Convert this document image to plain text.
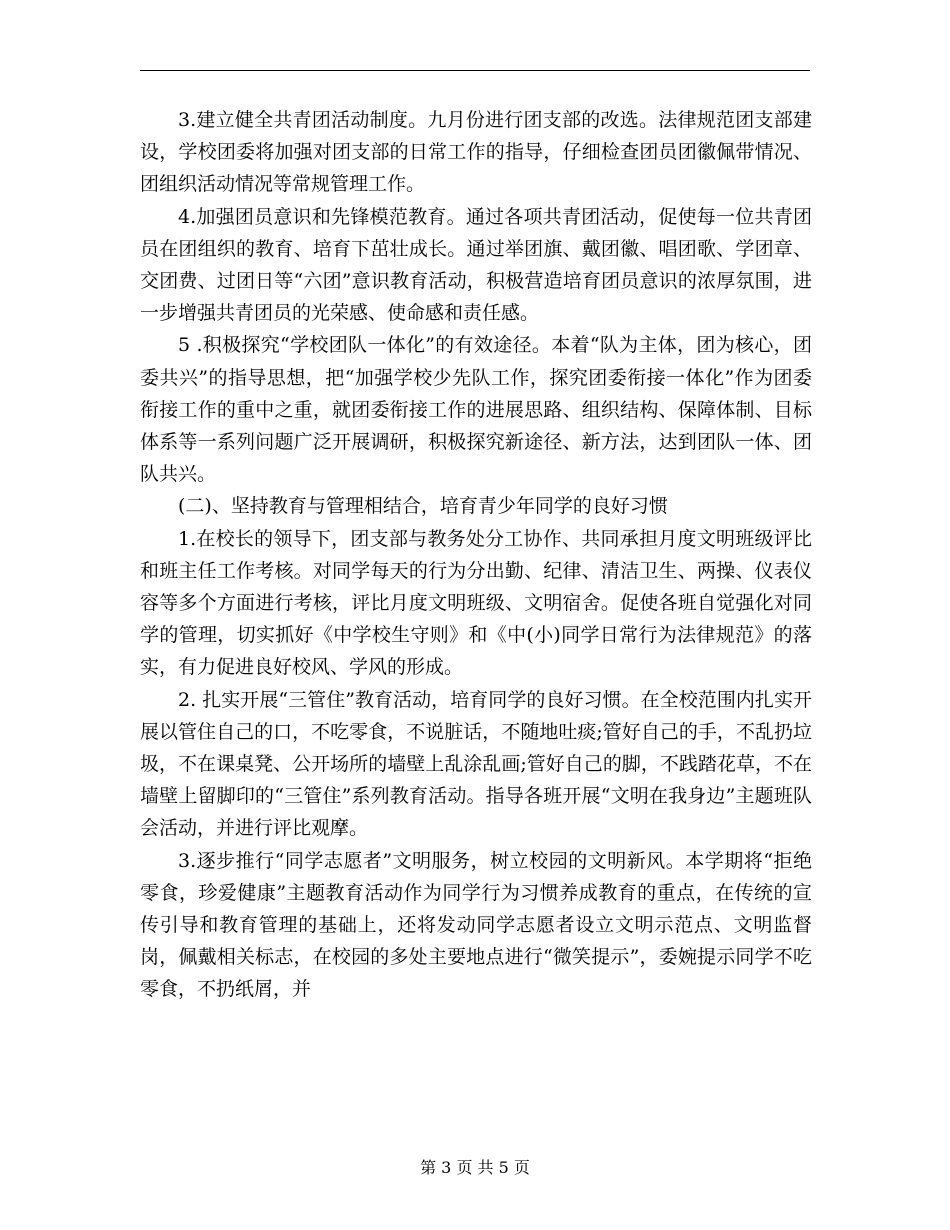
3.建立健全共青团活动制度。九月份进行团支部的改选。法律规范团支部建设，学校团委将加强对团支部的日常工作的指导，仔细检查团员团徽佩带情况、团组织活动情况等常规管理工作。

4.加强团员意识和先锋模范教育。通过各项共青团活动，促使每一位共青团员在团组织的教育、培育下茁壮成长。通过举团旗、戴团徽、唱团歌、学团章、交团费、过团日等“六团”意识教育活动，积极营造培育团员意识的浓厚氛围，进一步增强共青团员的光荣感、使命感和责任感。

5 .积极探究“学校团队一体化”的有效途径。本着“队为主体，团为核心，团委共兴”的指导思想，把“加强学校少先队工作，探究团委衔接一体化”作为团委衔接工作的重中之重，就团委衔接工作的进展思路、组织结构、保障体制、目标体系等一系列问题广泛开展调研，积极探究新途径、新方法，达到团队一体、团队共兴。

(二)、坚持教育与管理相结合，培育青少年同学的良好习惯

1.在校长的领导下，团支部与教务处分工协作、共同承担月度文明班级评比和班主任工作考核。对同学每天的行为分出勤、纪律、清洁卫生、两操、仪表仪容等多个方面进行考核，评比月度文明班级、文明宿舍。促使各班自觉强化对同学的管理，切实抓好《中学校生守则》和《中(小)同学日常行为法律规范》的落实，有力促进良好校风、学风的形成。

2. 扎实开展“三管住”教育活动，培育同学的良好习惯。在全校范围内扎实开展以管住自己的口，不吃零食，不说脏话，不随地吐痰;管好自己的手，不乱扔垃圾，不在课桌凳、公开场所的墙壁上乱涂乱画;管好自己的脚，不践踏花草，不在墙壁上留脚印的“三管住”系列教育活动。指导各班开展“文明在我身边”主题班队会活动，并进行评比观摩。

3.逐步推行“同学志愿者”文明服务，树立校园的文明新风。本学期将“拒绝零食，珍爱健康”主题教育活动作为同学行为习惯养成教育的重点，在传统的宣传引导和教育管理的基础上，还将发动同学志愿者设立文明示范点、文明监督岗，佩戴相关标志，在校园的多处主要地点进行“微笑提示”，委婉提示同学不吃零食，不扔纸屑，并

第 3 页 共 5 页
